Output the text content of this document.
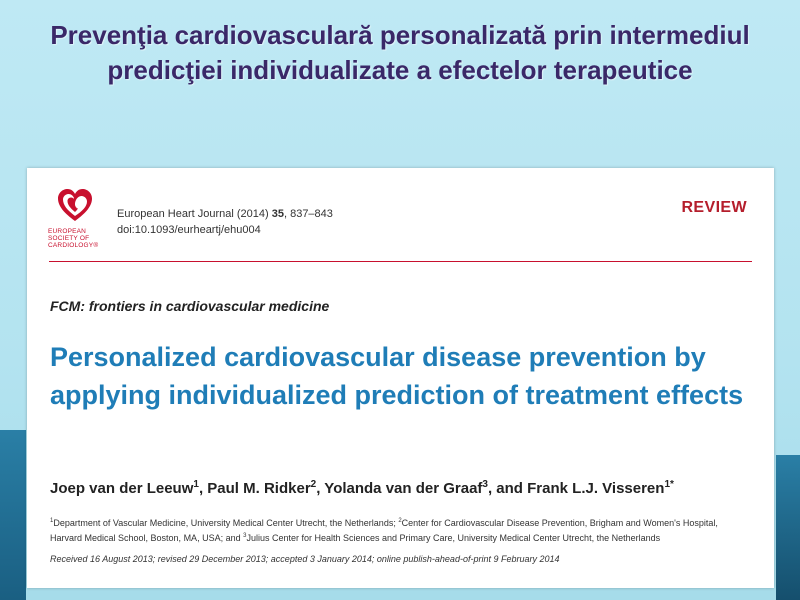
Prevenţia cardiovasculară personalizată prin intermediul predicţiei individualizate a efectelor terapeutice
EUROPEAN SOCIETY OF CARDIOLOGY®
European Heart Journal (2014) 35, 837–843
doi:10.1093/eurheartj/ehu004
REVIEW
FCM: frontiers in cardiovascular medicine
Personalized cardiovascular disease prevention by applying individualized prediction of treatment effects
Joep van der Leeuw$^1$, Paul M. Ridker$^2$, Yolanda van der Graaf$^3$, and Frank L.J. Visseren$^{1*}$
$^1$Department of Vascular Medicine, University Medical Center Utrecht, the Netherlands; $^2$Center for Cardiovascular Disease Prevention, Brigham and Women's Hospital, Harvard Medical School, Boston, MA, USA; and $^3$Julius Center for Health Sciences and Primary Care, University Medical Center Utrecht, the Netherlands
Received 16 August 2013; revised 29 December 2013; accepted 3 January 2014; online publish-ahead-of-print 9 February 2014
